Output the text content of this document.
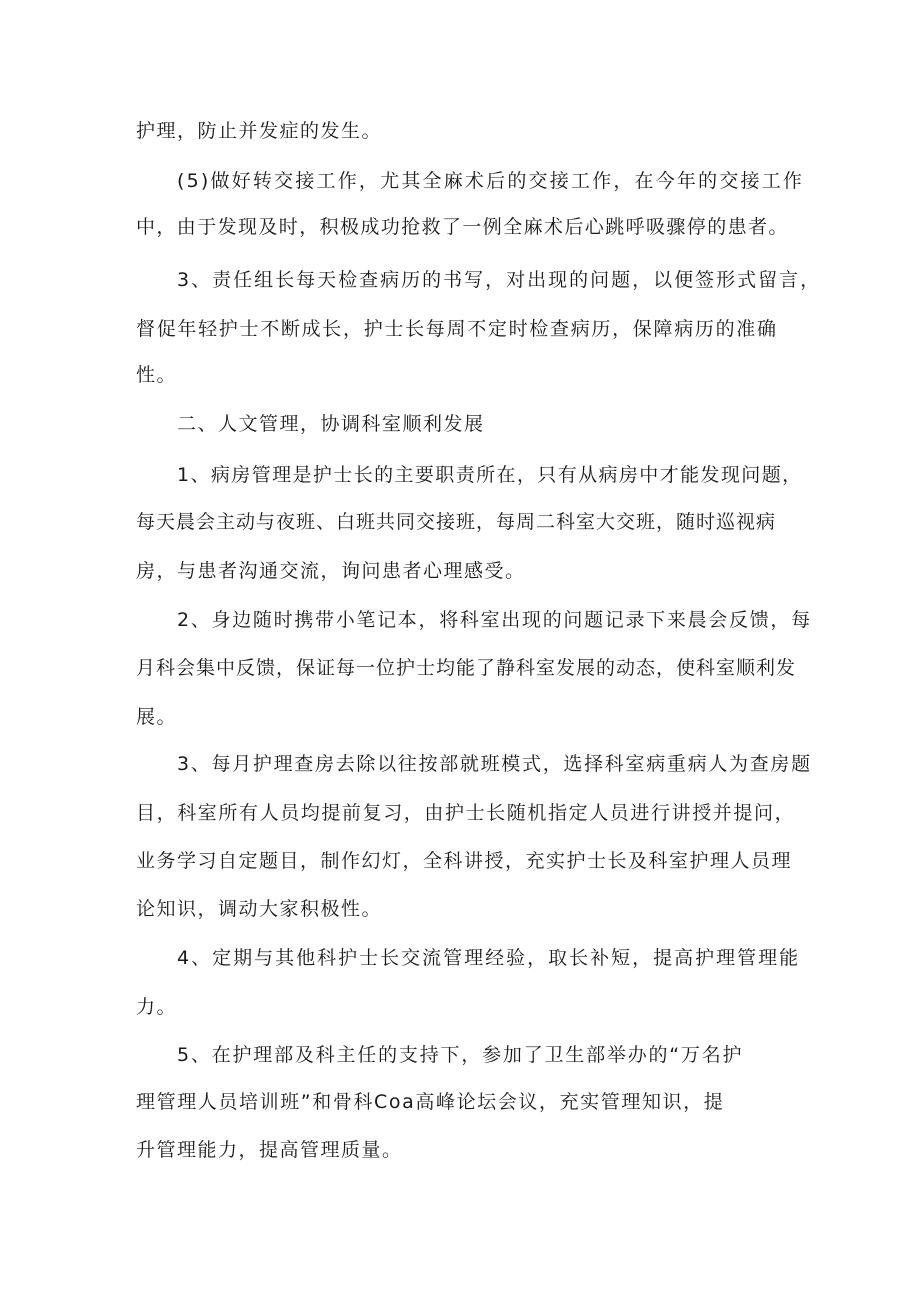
护理，防止并发症的发生。
(5)做好转交接工作，尤其全麻术后的交接工作，在今年的交接工作
中，由于发现及时，积极成功抢救了一例全麻术后心跳呼吸骤停的患者。
3、责任组长每天检查病历的书写，对出现的问题，以便签形式留言，
督促年轻护士不断成长，护士长每周不定时检查病历，保障病历的准确
性。
二、人文管理，协调科室顺利发展
1、病房管理是护士长的主要职责所在，只有从病房中才能发现问题，
每天晨会主动与夜班、白班共同交接班，每周二科室大交班，随时巡视病
房，与患者沟通交流，询问患者心理感受。
2、身边随时携带小笔记本，将科室出现的问题记录下来晨会反馈，每
月科会集中反馈，保证每一位护士均能了静科室发展的动态，使科室顺利发
展。
3、每月护理查房去除以往按部就班模式，选择科室病重病人为查房题
目，科室所有人员均提前复习，由护士长随机指定人员进行讲授并提问，
业务学习自定题目，制作幻灯，全科讲授，充实护士长及科室护理人员理
论知识，调动大家积极性。
4、定期与其他科护士长交流管理经验，取长补短，提高护理管理能
力。
5、在护理部及科主任的支持下，参加了卫生部举办的“万名护
理管理人员培训班”和骨科Coa高峰论坛会议，充实管理知识，提
升管理能力，提高管理质量。
